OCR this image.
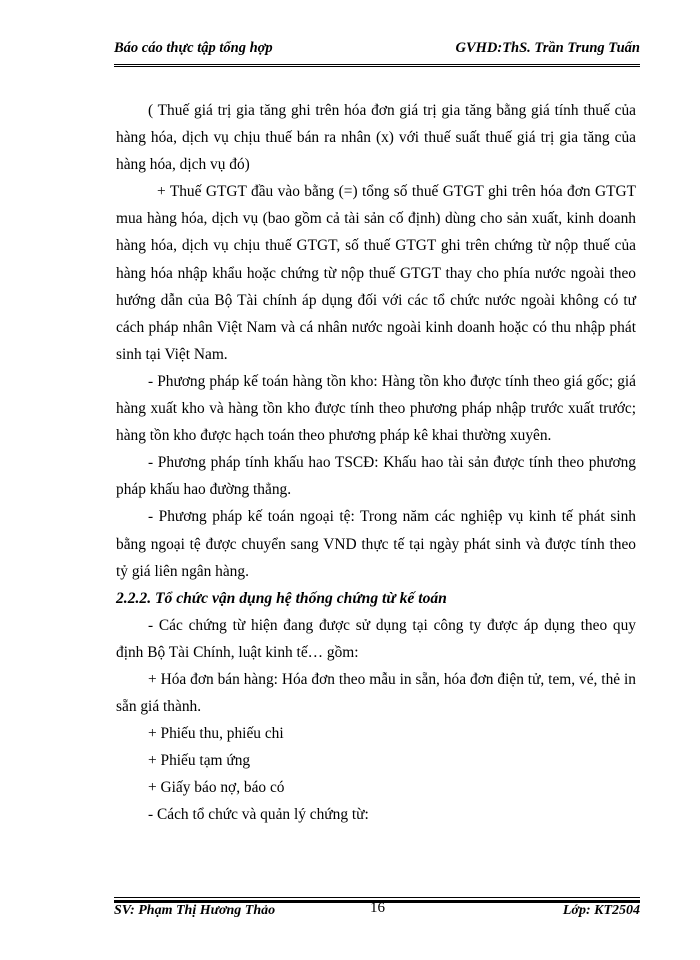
Báo cáo thực tập tổng hợp	GVHD:ThS. Trần Trung Tuấn

( Thuế giá trị gia tăng ghi trên hóa đơn giá trị gia tăng bằng giá tính thuế của hàng hóa, dịch vụ chịu thuế bán ra nhân (x) với thuế suất thuế giá trị gia tăng của hàng hóa, dịch vụ đó)

+ Thuế GTGT đầu vào bằng (=) tổng số thuế GTGT ghi trên hóa đơn GTGT mua hàng hóa, dịch vụ (bao gồm cả tài sản cố định) dùng cho sản xuất, kinh doanh hàng hóa, dịch vụ chịu thuế GTGT, số thuế GTGT ghi trên chứng từ nộp thuế của hàng hóa nhập khẩu hoặc chứng từ nộp thuế GTGT thay cho phía nước ngoài theo hướng dẫn của Bộ Tài chính áp dụng đối với các tổ chức nước ngoài không có tư cách pháp nhân Việt Nam và cá nhân nước ngoài kinh doanh hoặc có thu nhập phát sinh tại Việt Nam.

- Phương pháp kế toán hàng tồn kho: Hàng tồn kho được tính theo giá gốc; giá hàng xuất kho và hàng tồn kho được tính theo phương pháp nhập trước xuất trước; hàng tồn kho được hạch toán theo phương pháp kê khai thường xuyên.

- Phương pháp tính khấu hao TSCĐ: Khấu hao tài sản được tính theo phương pháp khấu hao đường thẳng.

- Phương pháp kế toán ngoại tệ: Trong năm các nghiệp vụ kinh tế phát sinh bằng ngoại tệ được chuyển sang VND thực tế tại ngày phát sinh và được tính theo tỷ giá liên ngân hàng.

2.2.2. Tổ chức vận dụng hệ thống chứng từ kế toán

- Các chứng từ hiện đang được sử dụng tại công ty được áp dụng theo quy định Bộ Tài Chính, luật kinh tế… gồm:

+ Hóa đơn bán hàng: Hóa đơn theo mẫu in sẵn, hóa đơn điện tử, tem, vé, thẻ in sẵn giá thành.

+ Phiếu thu, phiếu chi

+ Phiếu tạm ứng

+ Giấy báo nợ, báo có

- Cách tổ chức và quản lý chứng từ:

SV: Phạm Thị Hương Thảo	16	Lớp: KT2504
